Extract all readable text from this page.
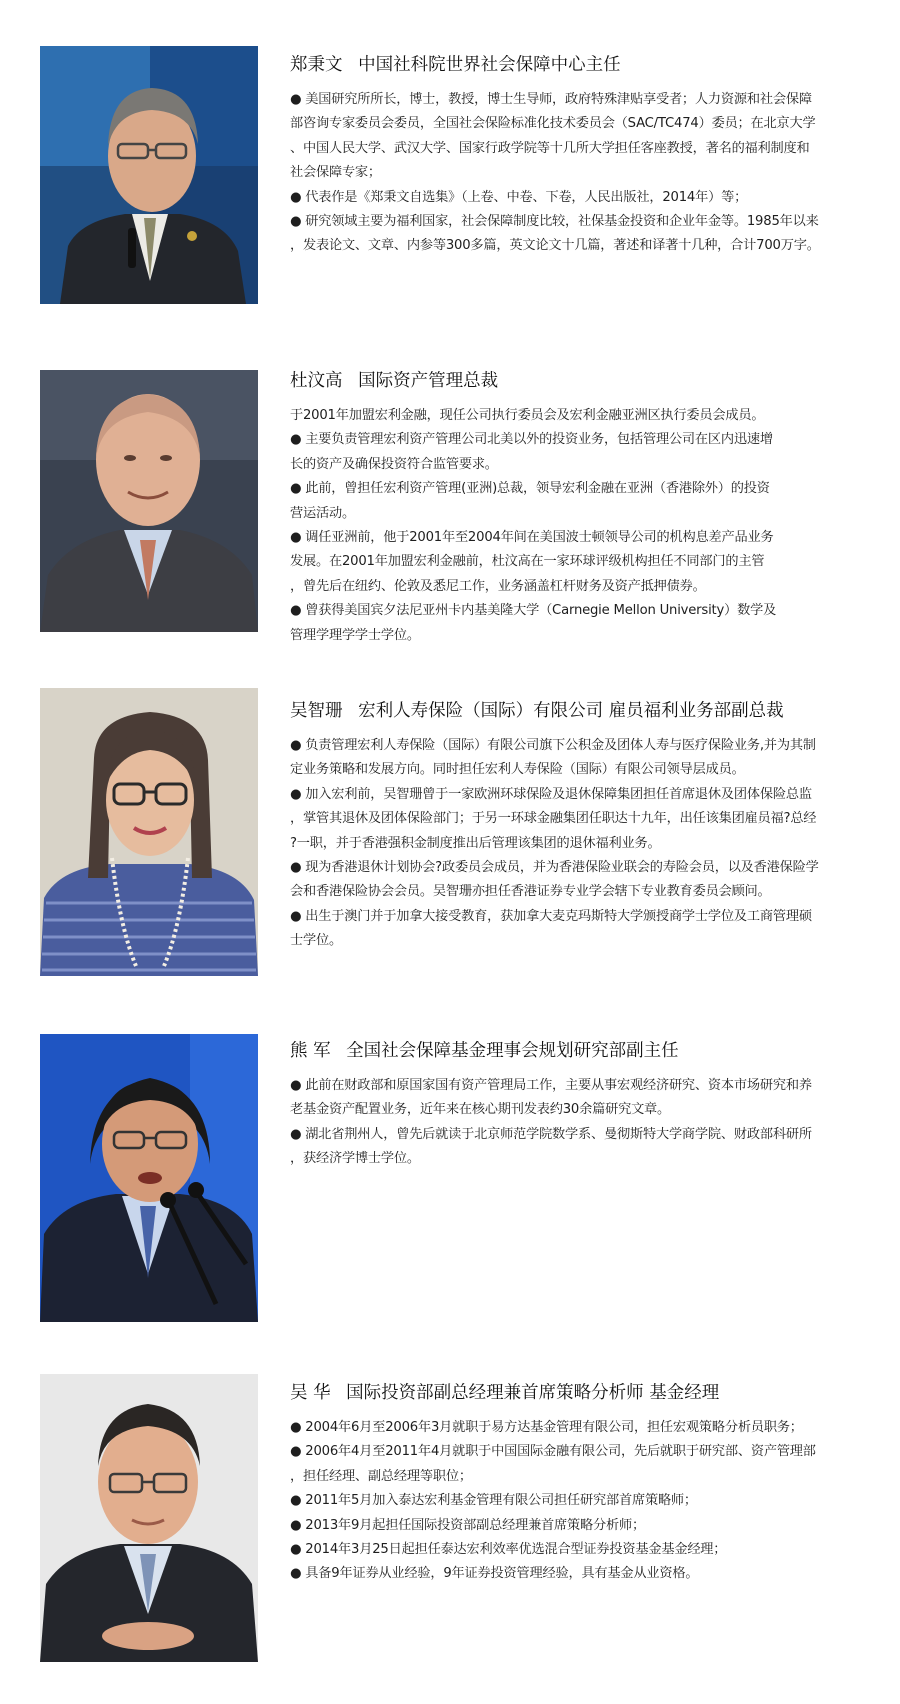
郑秉文 中国社科院世界社会保障中心主任

● 美国研究所所长，博士，教授，博士生导师，政府特殊津贴享受者；人力资源和社会保障

部咨询专家委员会委员，全国社会保险标准化技术委员会（SAC/TC474）委员；在北京大学

、中国人民大学、武汉大学、国家行政学院等十几所大学担任客座教授，著名的福利制度和

社会保障专家；

● 代表作是《郑秉文自选集》（上卷、中卷、下卷，人民出版社，2014年）等；

● 研究领域主要为福利国家，社会保障制度比较，社保基金投资和企业年金等。1985年以来

，发表论文、文章、内参等300多篇，英文论文十几篇，著述和译著十几种，合计700万字。

杜汶高 国际资产管理总裁

于2001年加盟宏利金融，现任公司执行委员会及宏利金融亚洲区执行委员会成员。

● 主要负责管理宏利资产管理公司北美以外的投资业务，包括管理公司在区内迅速增

长的资产及确保投资符合监管要求。

● 此前，曾担任宏利资产管理(亚洲)总裁，领导宏利金融在亚洲（香港除外）的投资

营运活动。

● 调任亚洲前，他于2001年至2004年间在美国波士顿领导公司的机构息差产品业务

发展。在2001年加盟宏利金融前，杜汶高在一家环球评级机构担任不同部门的主管

，曾先后在纽约、伦敦及悉尼工作，业务涵盖杠杆财务及资产抵押债券。

● 曾获得美国宾夕法尼亚州卡内基美隆大学（Carnegie Mellon University）数学及

管理学理学学士学位。

吴智珊 宏利人寿保险（国际）有限公司 雇员福利业务部副总裁

● 负责管理宏利人寿保险（国际）有限公司旗下公积金及团体人寿与医疗保险业务,并为其制

定业务策略和发展方向。同时担任宏利人寿保险（国际）有限公司领导层成员。

● 加入宏利前，吴智珊曾于一家欧洲环球保险及退休保障集团担任首席退休及团体保险总监

，掌管其退休及团体保险部门；于另一环球金融集团任职达十九年，出任该集团雇员福?总经

?一职，并于香港强积金制度推出后管理该集团的退休福利业务。

● 现为香港退休计划协会?政委员会成员，并为香港保险业联会的寿险会员，以及香港保险学

会和香港保险协会会员。吴智珊亦担任香港证券专业学会辖下专业教育委员会顾问。

● 出生于澳门并于加拿大接受教育，获加拿大麦克玛斯特大学颁授商学士学位及工商管理硕

士学位。

熊 军 全国社会保障基金理事会规划研究部副主任

● 此前在财政部和原国家国有资产管理局工作，主要从事宏观经济研究、资本市场研究和养

老基金资产配置业务，近年来在核心期刊发表约30余篇研究文章。

● 湖北省荆州人，曾先后就读于北京师范学院数学系、曼彻斯特大学商学院、财政部科研所

，获经济学博士学位。

吴 华 国际投资部副总经理兼首席策略分析师 基金经理

● 2004年6月至2006年3月就职于易方达基金管理有限公司，担任宏观策略分析员职务；

● 2006年4月至2011年4月就职于中国国际金融有限公司，先后就职于研究部、资产管理部

，担任经理、副总经理等职位；

● 2011年5月加入泰达宏利基金管理有限公司担任研究部首席策略师；

● 2013年9月起担任国际投资部副总经理兼首席策略分析师；

● 2014年3月25日起担任泰达宏利效率优选混合型证券投资基金基金经理；

● 具备9年证券从业经验，9年证券投资管理经验，具有基金从业资格。
